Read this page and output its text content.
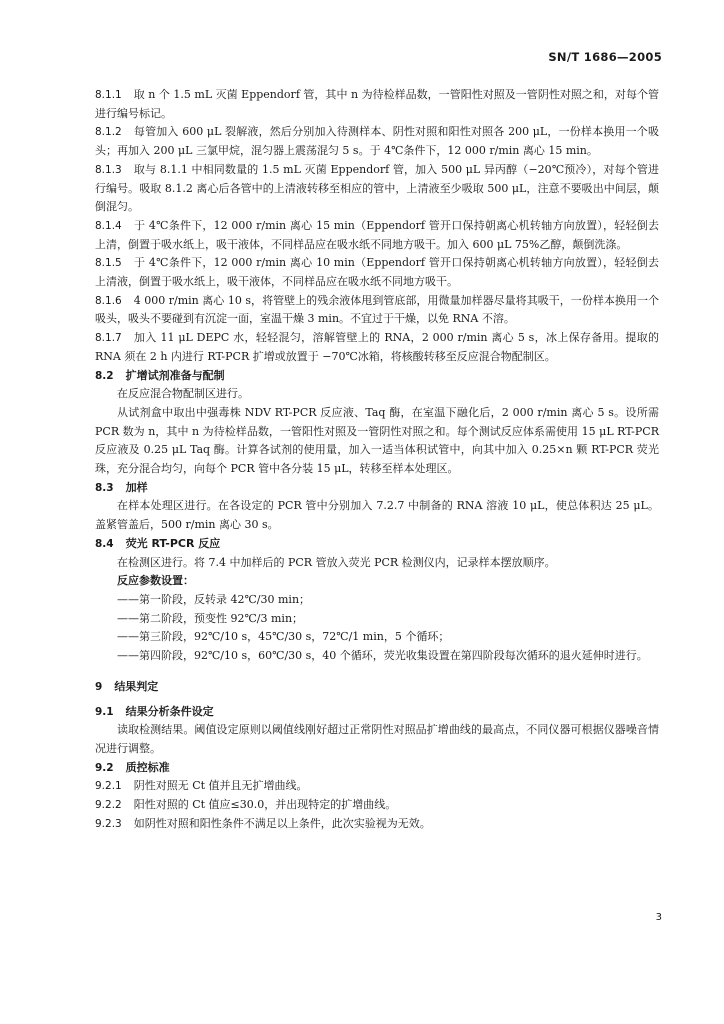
SN/T 1686—2005

8.1.1 取 n 个 1.5 mL 灭菌 Eppendorf 管，其中 n 为待检样品数，一管阳性对照及一管阴性对照之和，对每个管进行编号标记。

8.1.2 每管加入 600 μL 裂解液，然后分别加入待测样本、阴性对照和阳性对照各 200 μL，一份样本换用一个吸头；再加入 200 μL 三氯甲烷，混匀器上震荡混匀 5 s。于 4℃条件下，12 000 r/min 离心 15 min。

8.1.3 取与 8.1.1 中相同数量的 1.5 mL 灭菌 Eppendorf 管，加入 500 μL 异丙醇（−20℃预冷），对每个管进行编号。吸取 8.1.2 离心后各管中的上清液转移至相应的管中，上清液至少吸取 500 μL，注意不要吸出中间层，颠倒混匀。

8.1.4 于 4℃条件下，12 000 r/min 离心 15 min（Eppendorf 管开口保持朝离心机转轴方向放置），轻轻倒去上清，倒置于吸水纸上，吸干液体，不同样品应在吸水纸不同地方吸干。加入 600 μL 75%乙醇，颠倒洗涤。

8.1.5 于 4℃条件下，12 000 r/min 离心 10 min（Eppendorf 管开口保持朝离心机转轴方向放置），轻轻倒去上清液，倒置于吸水纸上，吸干液体，不同样品应在吸水纸不同地方吸干。

8.1.6 4 000 r/min 离心 10 s，将管壁上的残余液体甩到管底部，用微量加样器尽量将其吸干，一份样本换用一个吸头，吸头不要碰到有沉淀一面，室温干燥 3 min。不宜过于干燥，以免 RNA 不溶。

8.1.7 加入 11 μL DEPC 水，轻轻混匀，溶解管壁上的 RNA，2 000 r/min 离心 5 s，冰上保存备用。提取的 RNA 须在 2 h 内进行 RT-PCR 扩增或放置于 −70℃冰箱，将核酸转移至反应混合物配制区。

8.2 扩增试剂准备与配制

在反应混合物配制区进行。

从试剂盒中取出中强毒株 NDV RT-PCR 反应液、Taq 酶，在室温下融化后，2 000 r/min 离心 5 s。设所需 PCR 数为 n，其中 n 为待检样品数，一管阳性对照及一管阴性对照之和。每个测试反应体系需使用 15 μL RT-PCR 反应液及 0.25 μL Taq 酶。计算各试剂的使用量，加入一适当体积试管中，向其中加入 0.25×n 颗 RT-PCR 荧光珠，充分混合均匀，向每个 PCR 管中各分装 15 μL，转移至样本处理区。

8.3 加样

在样本处理区进行。在各设定的 PCR 管中分别加入 7.2.7 中制备的 RNA 溶液 10 μL，使总体积达 25 μL。盖紧管盖后，500 r/min 离心 30 s。

8.4 荧光 RT-PCR 反应

在检测区进行。将 7.4 中加样后的 PCR 管放入荧光 PCR 检测仪内，记录样本摆放顺序。

反应参数设置：

——第一阶段，反转录 42℃/30 min；

——第二阶段，预变性 92℃/3 min；

——第三阶段，92℃/10 s，45℃/30 s，72℃/1 min，5 个循环；

——第四阶段，92℃/10 s，60℃/30 s，40 个循环，荧光收集设置在第四阶段每次循环的退火延伸时进行。

9 结果判定

9.1 结果分析条件设定

读取检测结果。阈值设定原则以阈值线刚好超过正常阴性对照品扩增曲线的最高点，不同仪器可根据仪器噪音情况进行调整。

9.2 质控标准

9.2.1 阴性对照无 Ct 值并且无扩增曲线。

9.2.2 阳性对照的 Ct 值应≤30.0，并出现特定的扩增曲线。

9.2.3 如阴性对照和阳性条件不满足以上条件，此次实验视为无效。

3
